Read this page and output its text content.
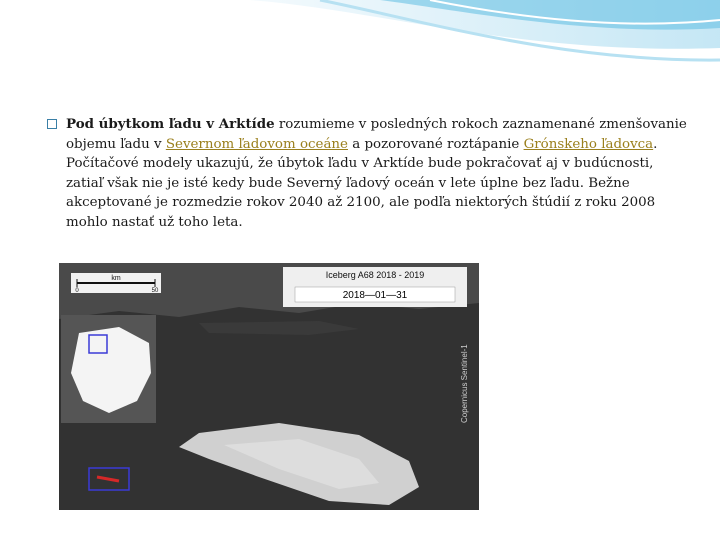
Pod úbytkom ľadu v Arktíde rozumieme v posledných rokoch zaznamenané zmenšovanie objemu ľadu v Severnom ľadovom oceáne a pozorované roztápanie Grónskeho ľadovca. Počítačové modely ukazujú, že úbytok ľadu v Arktíde bude pokračovať aj v budúcnosti, zatiaľ však nie je isté kedy bude Severný ľadový oceán v lete úplne bez ľadu. Bežne akceptované je rozmedzie rokov 2040 až 2100, ale podľa niektorých štúdií z roku 2008 mohlo nastať už toho leta.
km
0	50
Iceberg A68 2018 - 2019
2018—01—31
Copernicus Sentinel-1
